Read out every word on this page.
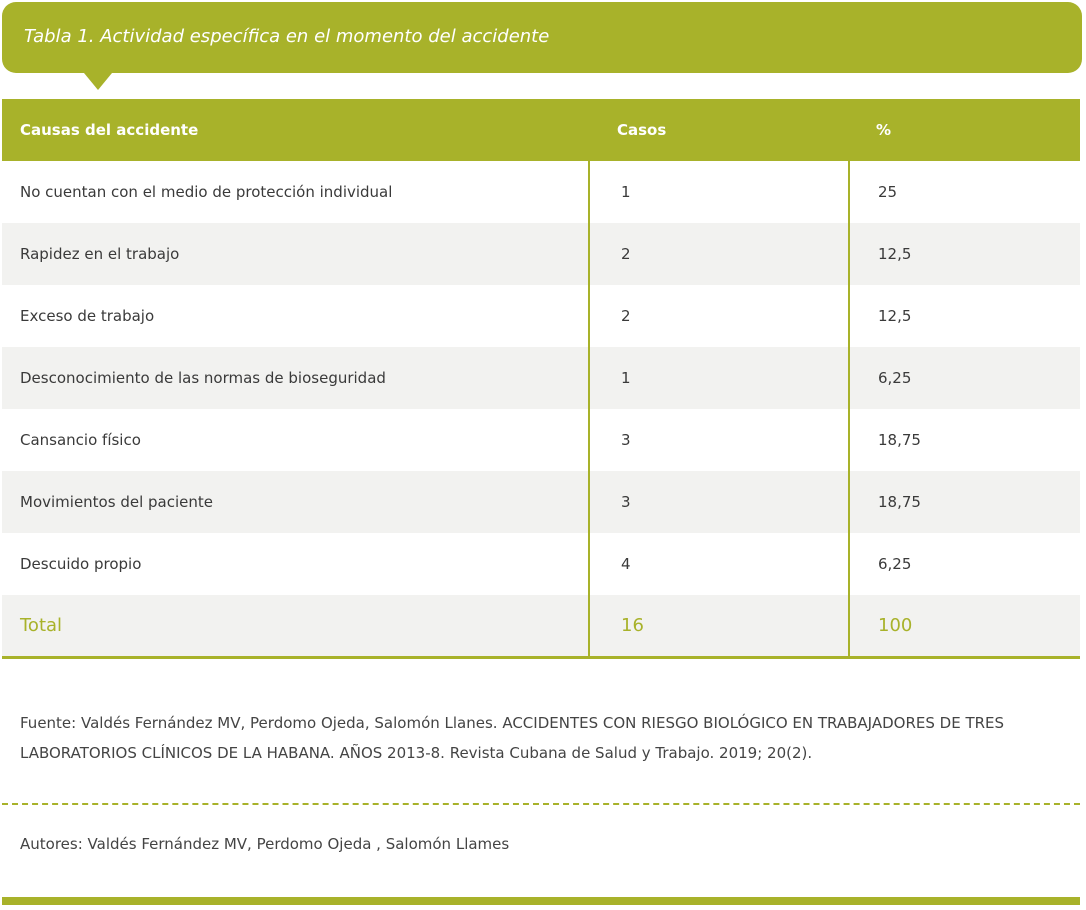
Tabla 1. Actividad específica en el momento del accidente
Causas del accidente	Casos	%
No cuentan con el medio de protección individual	1	25
Rapidez en el trabajo	2	12,5
Exceso de trabajo	2	12,5
Desconocimiento de las normas de bioseguridad	1	6,25
Cansancio físico	3	18,75
Movimientos del paciente	3	18,75
Descuido propio	4	6,25
Total	16	100
Fuente: Valdés Fernández MV, Perdomo Ojeda, Salomón Llanes. ACCIDENTES CON RIESGO BIOLÓGICO EN TRABAJADORES DE TRES LABORATORIOS CLÍNICOS DE LA HABANA. AÑOS 2013-8. Revista Cubana de Salud y Trabajo. 2019; 20(2).
Autores: Valdés Fernández MV, Perdomo Ojeda , Salomón Llames
